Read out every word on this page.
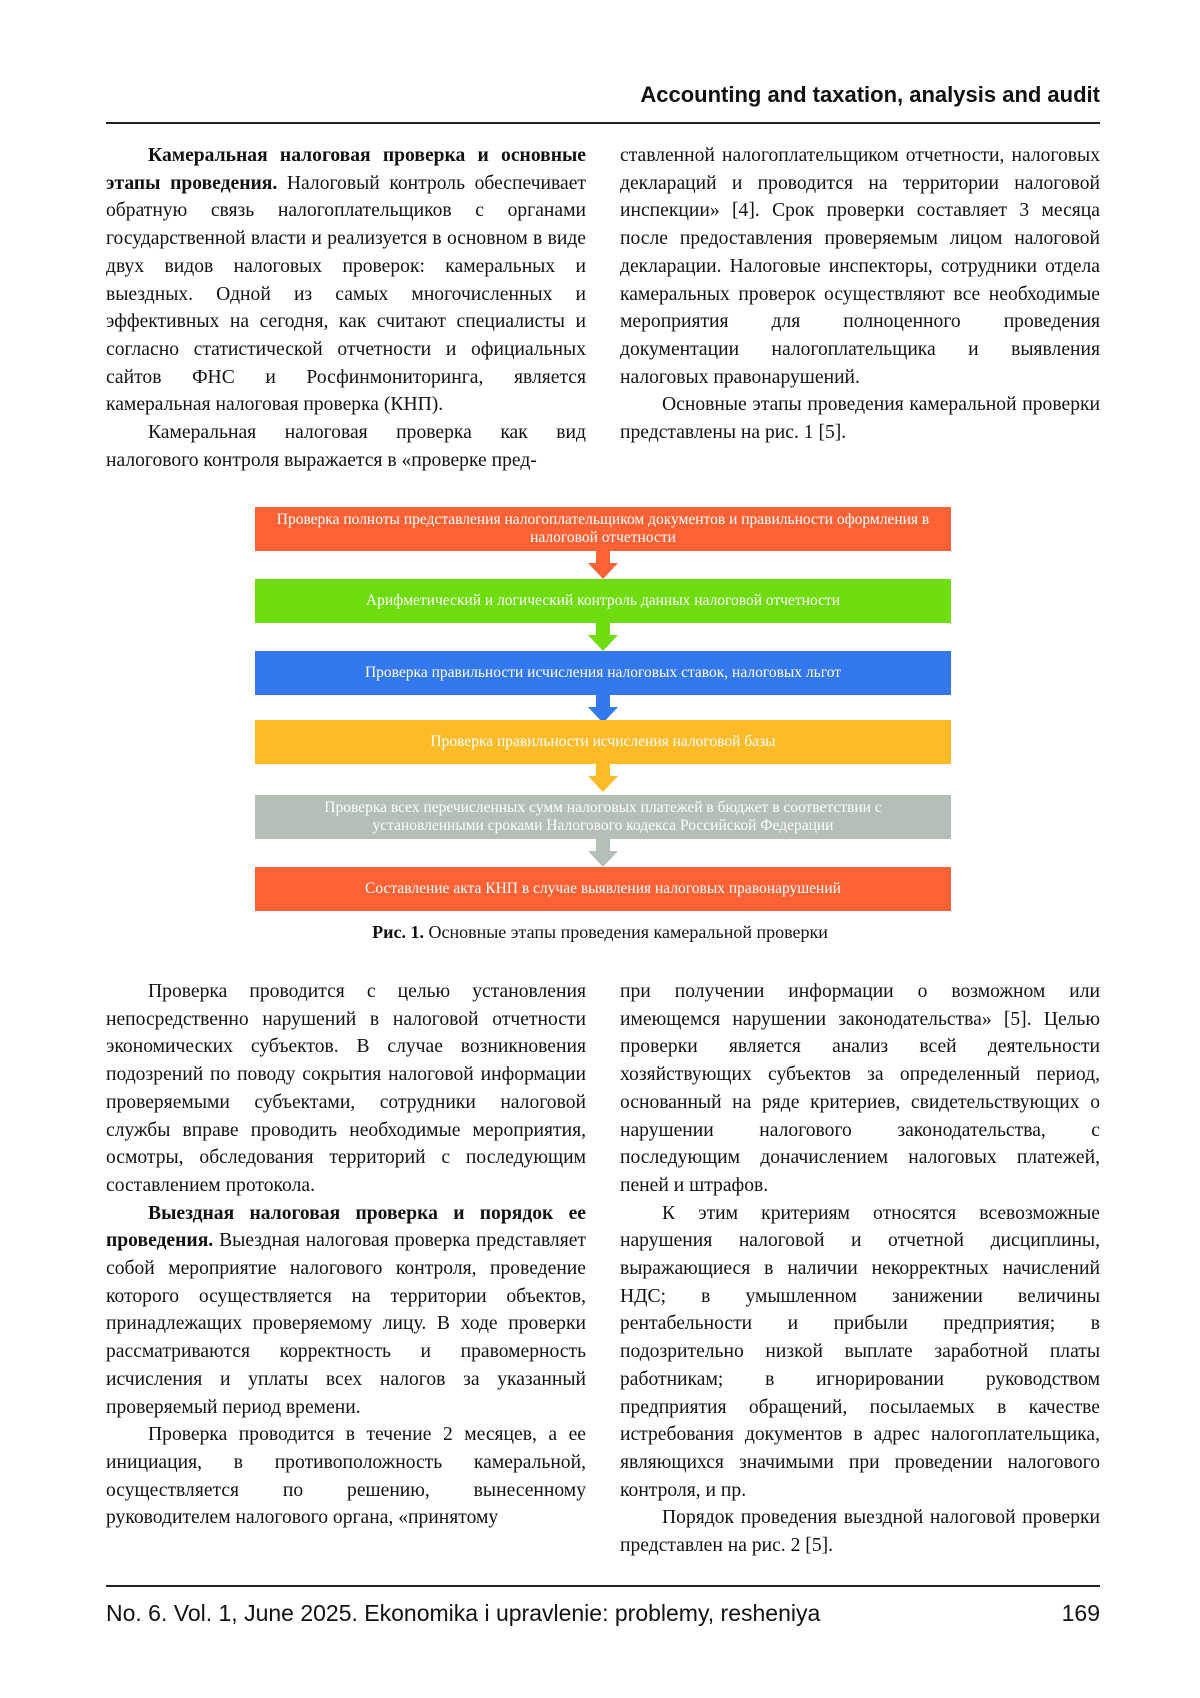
Accounting and taxation, analysis and audit

Камеральная налоговая проверка и основные этапы проведения. Налоговый контроль обеспечивает обратную связь налогоплательщиков с органами государственной власти и реализуется в основном в виде двух видов налоговых проверок: камеральных и выездных. Одной из самых многочисленных и эффективных на сегодня, как считают специалисты и согласно статистической отчетности и официальных сайтов ФНС и Росфинмониторинга, является камеральная налоговая проверка (КНП).

Камеральная налоговая проверка как вид налогового контроля выражается в «проверке пред-

ставленной налогоплательщиком отчетности, налоговых деклараций и проводится на территории налоговой инспекции» [4]. Срок проверки составляет 3 месяца после предоставления проверяемым лицом налоговой декларации. Налоговые инспекторы, сотрудники отдела камеральных проверок осуществляют все необходимые мероприятия для полноценного проведения документации налогоплательщика и выявления налоговых правонарушений.

Основные этапы проведения камеральной проверки представлены на рис. 1 [5].

Проверка полноты представления налогоплательщиком документов и правильности оформления в налоговой отчетности
Арифметический и логический контроль данных налоговой отчетности
Проверка правильности исчисления налоговых ставок, налоговых льгот
Проверка правильности исчисления налоговой базы
Проверка всех перечисленных сумм налоговых платежей в бюджет в соответствии с установленными сроками Налогового кодекса Российской Федерации
Составление акта КНП в случае выявления налоговых правонарушений
Рис. 1. Основные этапы проведения камеральной проверки

Проверка проводится с целью установления непосредственно нарушений в налоговой отчетности экономических субъектов. В случае возникновения подозрений по поводу сокрытия налоговой информации проверяемыми субъектами, сотрудники налоговой службы вправе проводить необходимые мероприятия, осмотры, обследования территорий с последующим составлением протокола.

Выездная налоговая проверка и порядок ее проведения. Выездная налоговая проверка представляет собой мероприятие налогового контроля, проведение которого осуществляется на территории объектов, принадлежащих проверяемому лицу. В ходе проверки рассматриваются корректность и правомерность исчисления и уплаты всех налогов за указанный проверяемый период времени.

Проверка проводится в течение 2 месяцев, а ее инициация, в противоположность камеральной, осуществляется по решению, вынесенному руководителем налогового органа, «принятому

при получении информации о возможном или имеющемся нарушении законодательства» [5]. Целью проверки является анализ всей деятельности хозяйствующих субъектов за определенный период, основанный на ряде критериев, свидетельствующих о нарушении налогового законодательства, с последующим доначислением налоговых платежей, пеней и штрафов.

К этим критериям относятся всевозможные нарушения налоговой и отчетной дисциплины, выражающиеся в наличии некорректных начислений НДС; в умышленном занижении величины рентабельности и прибыли предприятия; в подозрительно низкой выплате заработной платы работникам; в игнорировании руководством предприятия обращений, посылаемых в качестве истребования документов в адрес налогоплательщика, являющихся значимыми при проведении налогового контроля, и пр.

Порядок проведения выездной налоговой проверки представлен на рис. 2 [5].

No. 6. Vol. 1, June 2025. Ekonomika i upravlenie: problemy, resheniya	169
